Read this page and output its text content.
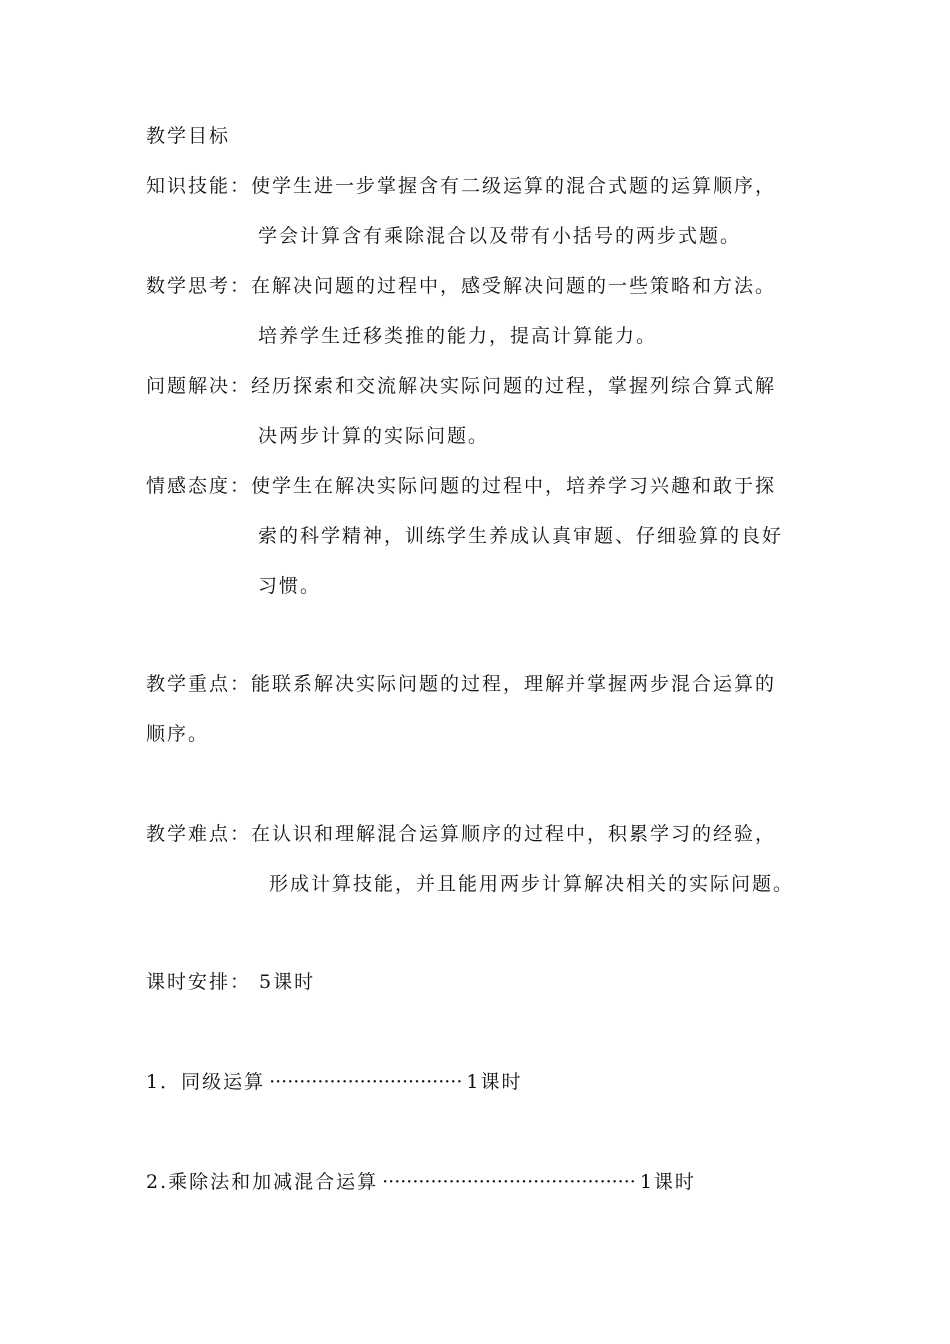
教学目标
知识技能：使学生进一步掌握含有二级运算的混合式题的运算顺序，
学会计算含有乘除混合以及带有小括号的两步式题。
数学思考：在解决问题的过程中，感受解决问题的一些策略和方法。
培养学生迁移类推的能力，提高计算能力。
问题解决：经历探索和交流解决实际问题的过程，掌握列综合算式解
决两步计算的实际问题。
情感态度：使学生在解决实际问题的过程中，培养学习兴趣和敢于探
索的科学精神，训练学生养成认真审题、仔细验算的良好
习惯。
教学重点：能联系解决实际问题的过程，理解并掌握两步混合运算的
顺序。
教学难点：在认识和理解混合运算顺序的过程中，积累学习的经验，
形成计算技能，并且能用两步计算解决相关的实际问题。
课时安排： 5课时
1．同级运算 ································ 1课时
2.乘除法和加减混合运算 ·········································· 1课时
